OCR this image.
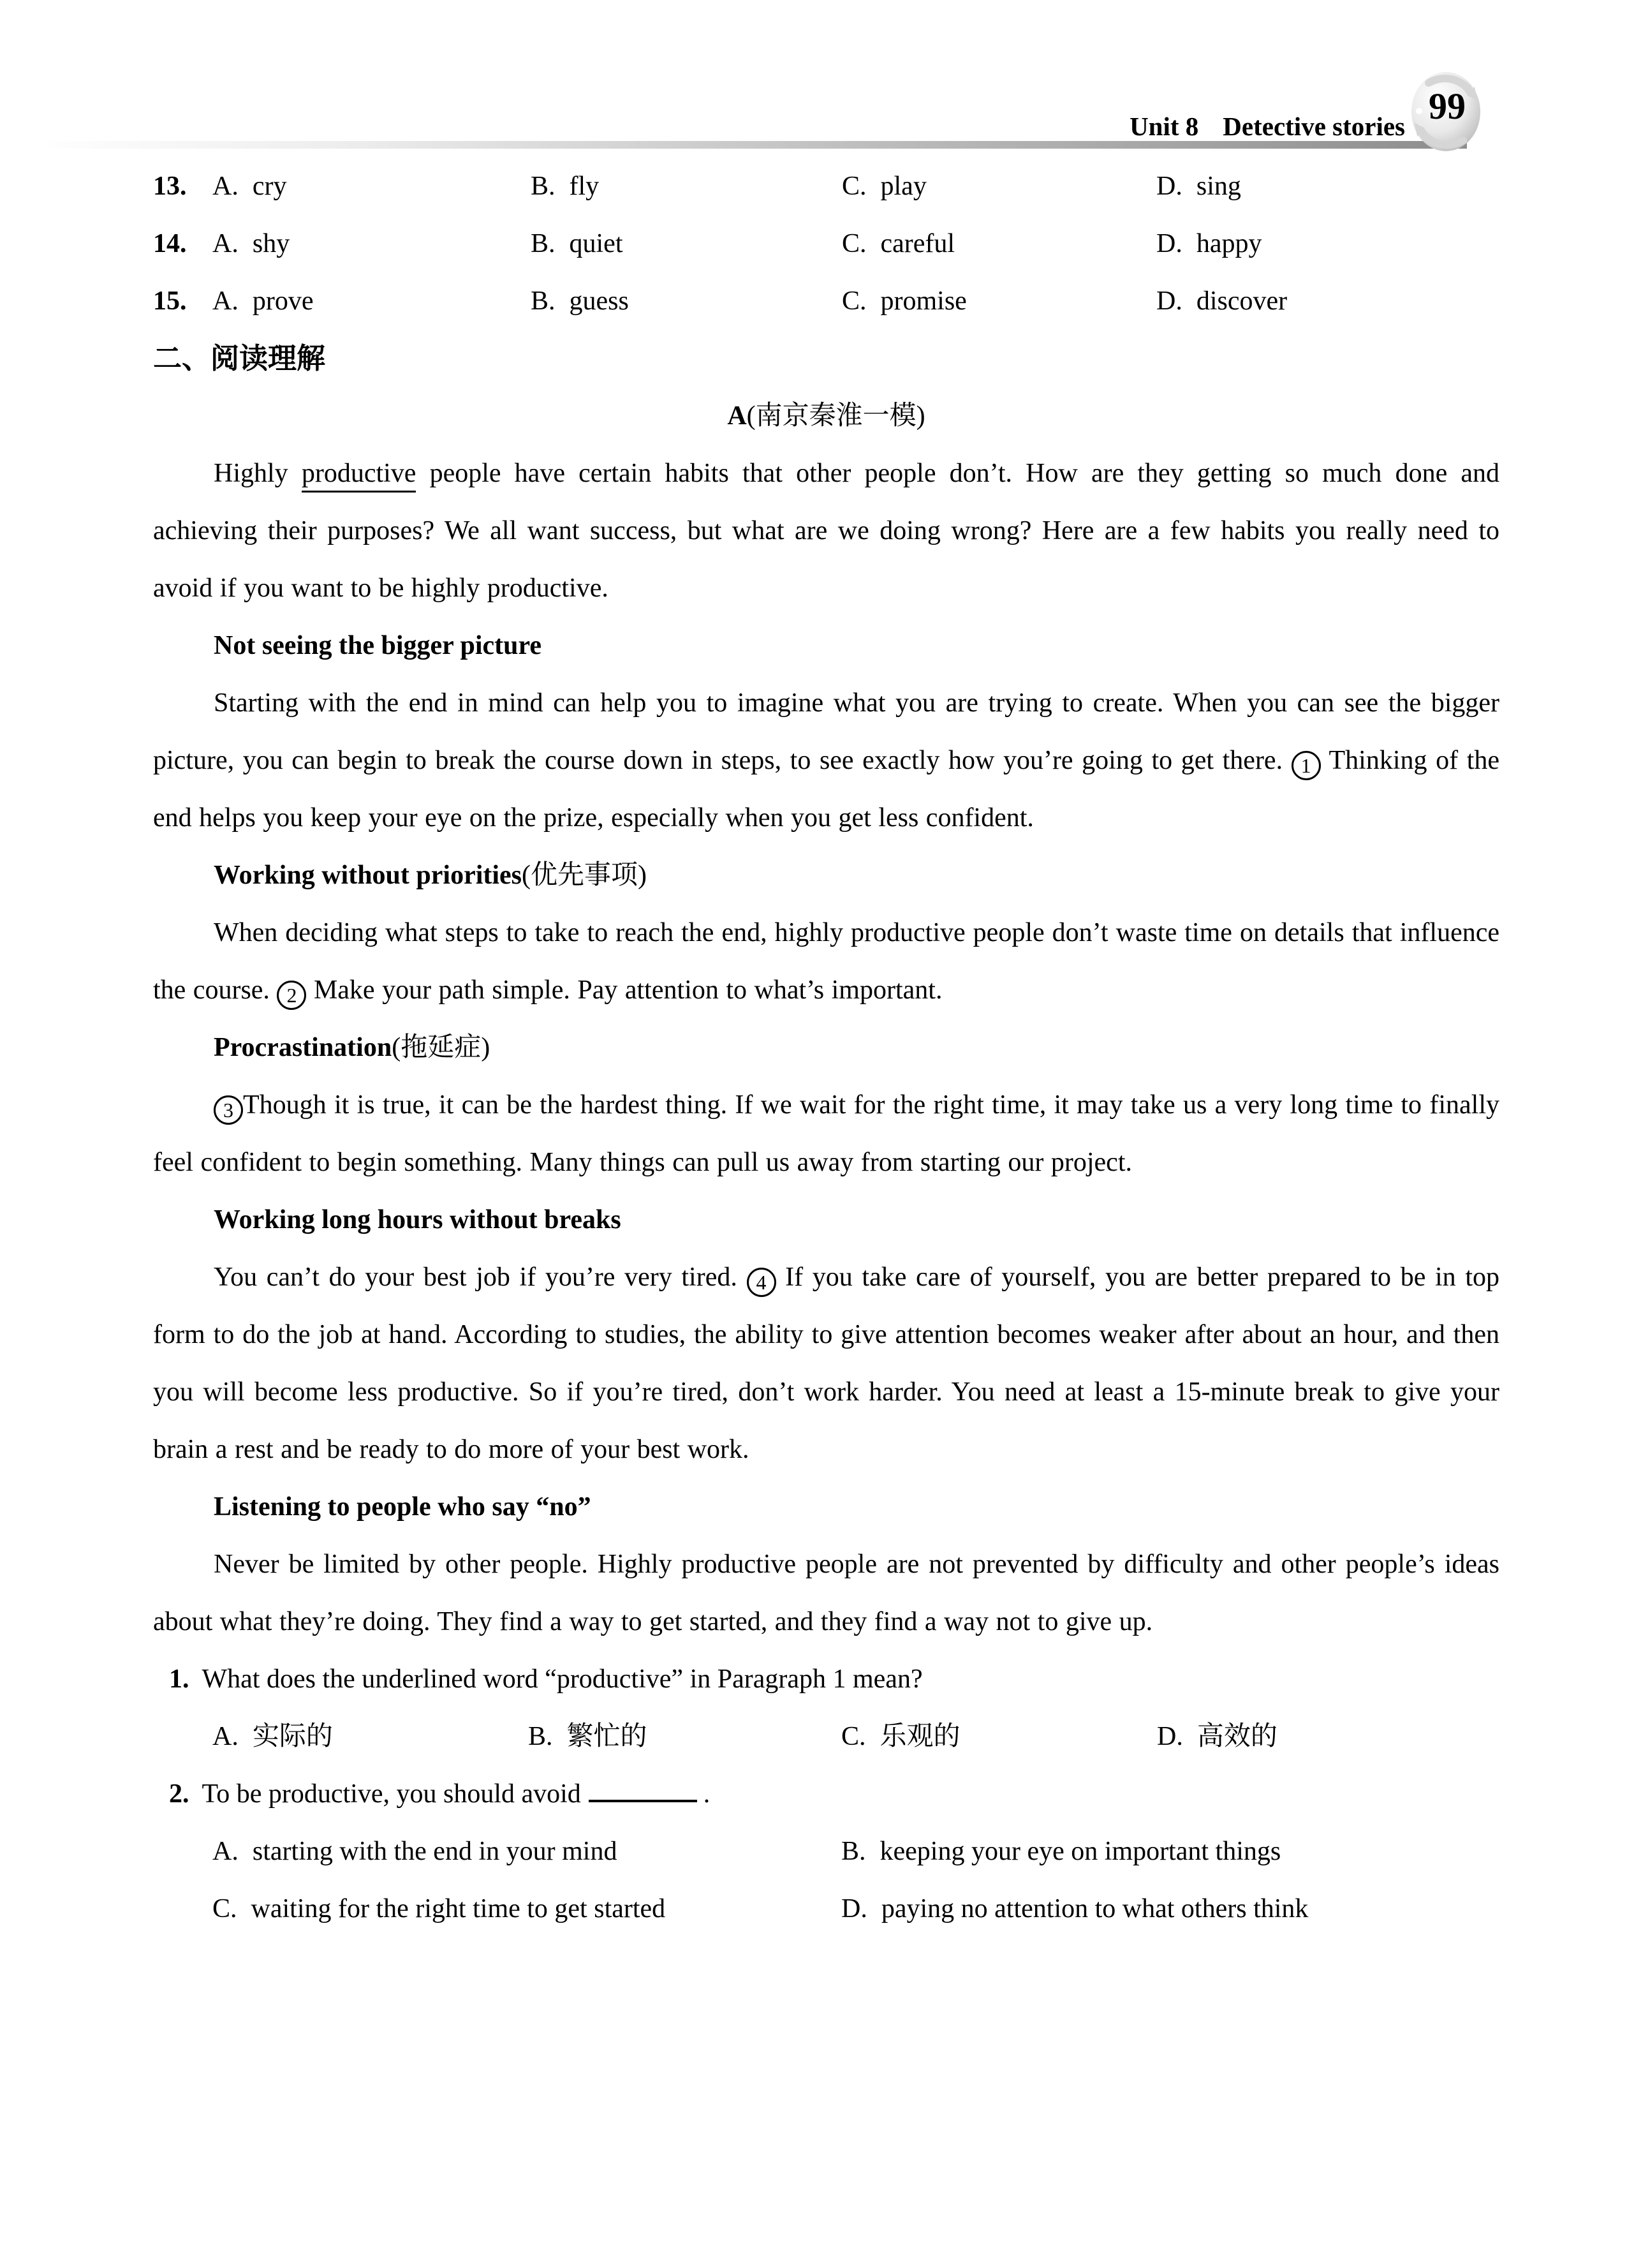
Unit 8 Detective stories 99
13. A. cry	B. fly	C. play	D. sing
14. A. shy	B. quiet	C. careful	D. happy
15. A. prove	B. guess	C. promise	D. discover

二、阅读理解

A(南京秦淮一模)

Highly productive people have certain habits that other people don’t. How are they getting so much done and achieving their purposes? We all want success, but what are we doing wrong? Here are a few habits you really need to avoid if you want to be highly productive.

Not seeing the bigger picture

Starting with the end in mind can help you to imagine what you are trying to create. When you can see the bigger picture, you can begin to break the course down in steps, to see exactly how you’re going to get there. 1 Thinking of the end helps you keep your eye on the prize, especially when you get less confident.

Working without priorities(优先事项)

When deciding what steps to take to reach the end, highly productive people don’t waste time on details that influence the course. 2 Make your path simple. Pay attention to what’s important.

Procrastination(拖延症)

3 Though it is true, it can be the hardest thing. If we wait for the right time, it may take us a very long time to finally feel confident to begin something. Many things can pull us away from starting our project.

Working long hours without breaks

You can’t do your best job if you’re very tired. 4 If you take care of yourself, you are better prepared to be in top form to do the job at hand. According to studies, the ability to give attention becomes weaker after about an hour, and then you will become less productive. So if you’re tired, don’t work harder. You need at least a 15-minute break to give your brain a rest and be ready to do more of your best work.

Listening to people who say “no”

Never be limited by other people. Highly productive people are not prevented by difficulty and other people’s ideas about what they’re doing. They find a way to get started, and they find a way not to give up.

1. What does the underlined word “productive” in Paragraph 1 mean?

A. 实际的	B. 繁忙的	C. 乐观的	D. 高效的

2. To be productive, you should avoid	.

A. starting with the end in your mind	B. keeping your eye on important things
C. waiting for the right time to get started	D. paying no attention to what others think
